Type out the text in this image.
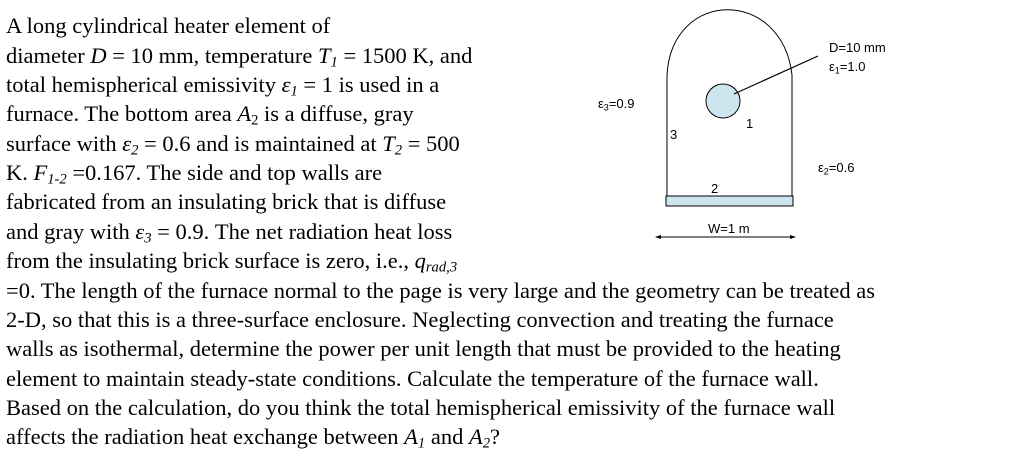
A long cylindrical heater element of
diameter D = 10 mm, temperature $T_1 = 1500$ K, and
total hemispherical emissivity $\varepsilon_1 = 1$ is used in a
furnace. The bottom area $A_2$ is a diffuse, gray
surface with $\varepsilon_2 = 0.6$ and is maintained at $T_2 = 500$
K. $F_{1-2} =0.167$. The side and top walls are
fabricated from an insulating brick that is diffuse
and gray with $\varepsilon_3 = 0.9$. The net radiation heat loss
from the insulating brick surface is zero, i.e., $q_{rad,3}$
=0. The length of the furnace normal to the page is very large and the geometry can be treated as
2-D, so that this is a three-surface enclosure. Neglecting convection and treating the furnace
walls as isothermal, determine the power per unit length that must be provided to the heating
element to maintain steady-state conditions. Calculate the temperature of the furnace wall.
Based on the calculation, do you think the total hemispherical emissivity of the furnace wall
affects the radiation heat exchange between $A_1$ and $A_2$?
$\varepsilon_3=0.9$
3
1
2
D=10 mm
$\varepsilon_1=1.0$
$\varepsilon_2=0.6$
W=1 m
